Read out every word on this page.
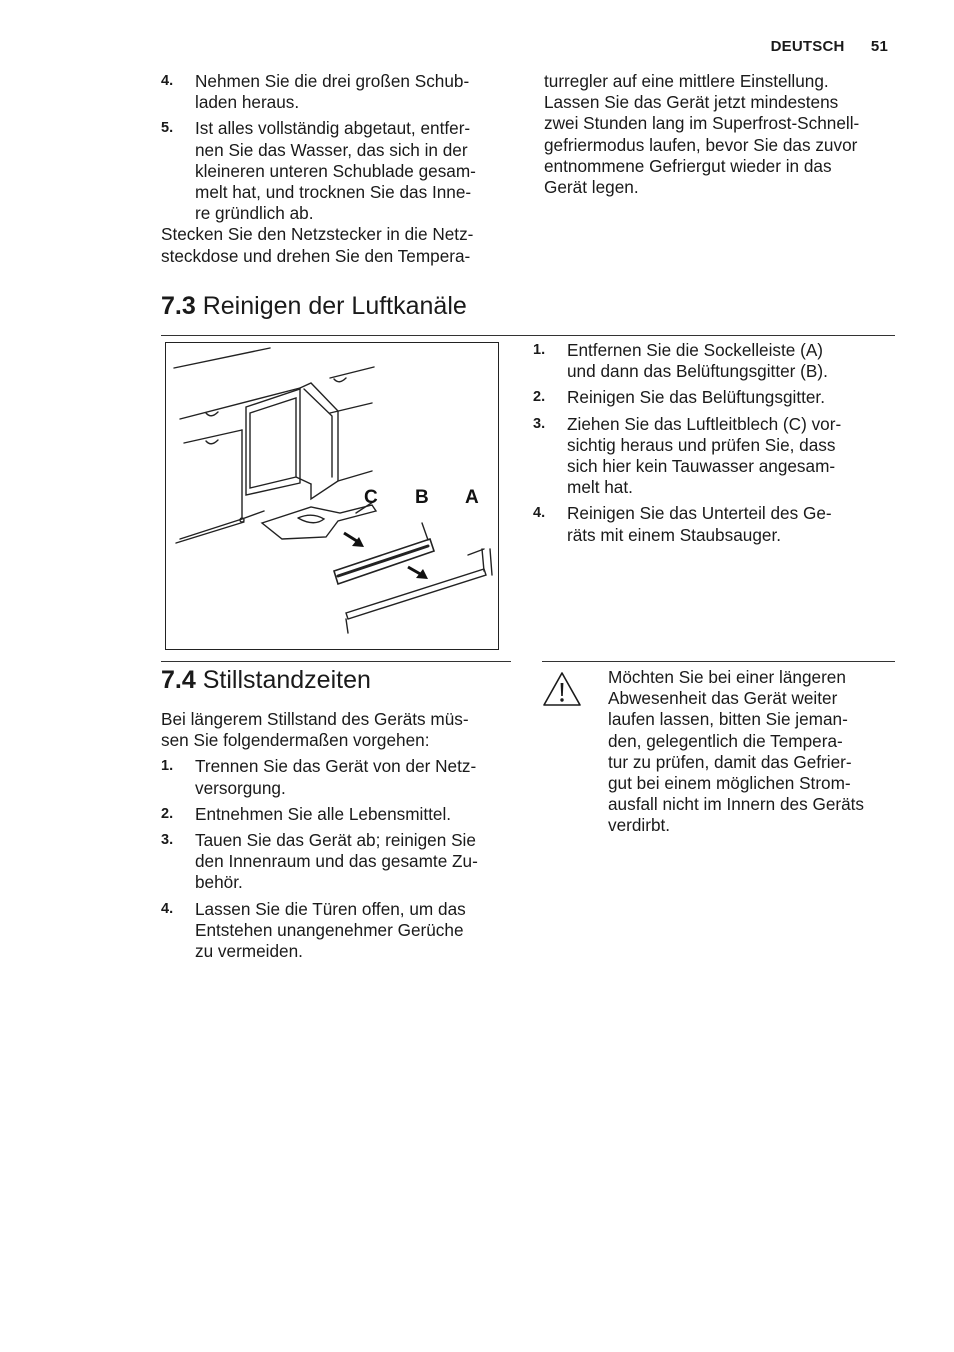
DEUTSCH 51
4. Nehmen Sie die drei großen Schub-
laden heraus.
5. Ist alles vollständig abgetaut, entfer-
nen Sie das Wasser, das sich in der
kleineren unteren Schublade gesam-
melt hat, und trocknen Sie das Inne-
re gründlich ab.
Stecken Sie den Netzstecker in die Netz-
steckdose und drehen Sie den Tempera-
turregler auf eine mittlere Einstellung.
Lassen Sie das Gerät jetzt mindestens
zwei Stunden lang im Superfrost-Schnell-
gefriermodus laufen, bevor Sie das zuvor
entnommene Gefriergut wieder in das
Gerät legen.
7.3 Reinigen der Luftkanäle
C B A
1. Entfernen Sie die Sockelleiste (A)
und dann das Belüftungsgitter (B).
2. Reinigen Sie das Belüftungsgitter.
3. Ziehen Sie das Luftleitblech (C) vor-
sichtig heraus und prüfen Sie, dass
sich hier kein Tauwasser angesam-
melt hat.
4. Reinigen Sie das Unterteil des Ge-
räts mit einem Staubsauger.
7.4 Stillstandzeiten
Bei längerem Stillstand des Geräts müs-
sen Sie folgendermaßen vorgehen:
1. Trennen Sie das Gerät von der Netz-
versorgung.
2. Entnehmen Sie alle Lebensmittel.
3. Tauen Sie das Gerät ab; reinigen Sie
den Innenraum und das gesamte Zu-
behör.
4. Lassen Sie die Türen offen, um das
Entstehen unangenehmer Gerüche
zu vermeiden.
Möchten Sie bei einer längeren
Abwesenheit das Gerät weiter
laufen lassen, bitten Sie jeman-
den, gelegentlich die Tempera-
tur zu prüfen, damit das Gefrier-
gut bei einem möglichen Strom-
ausfall nicht im Innern des Geräts
verdirbt.
